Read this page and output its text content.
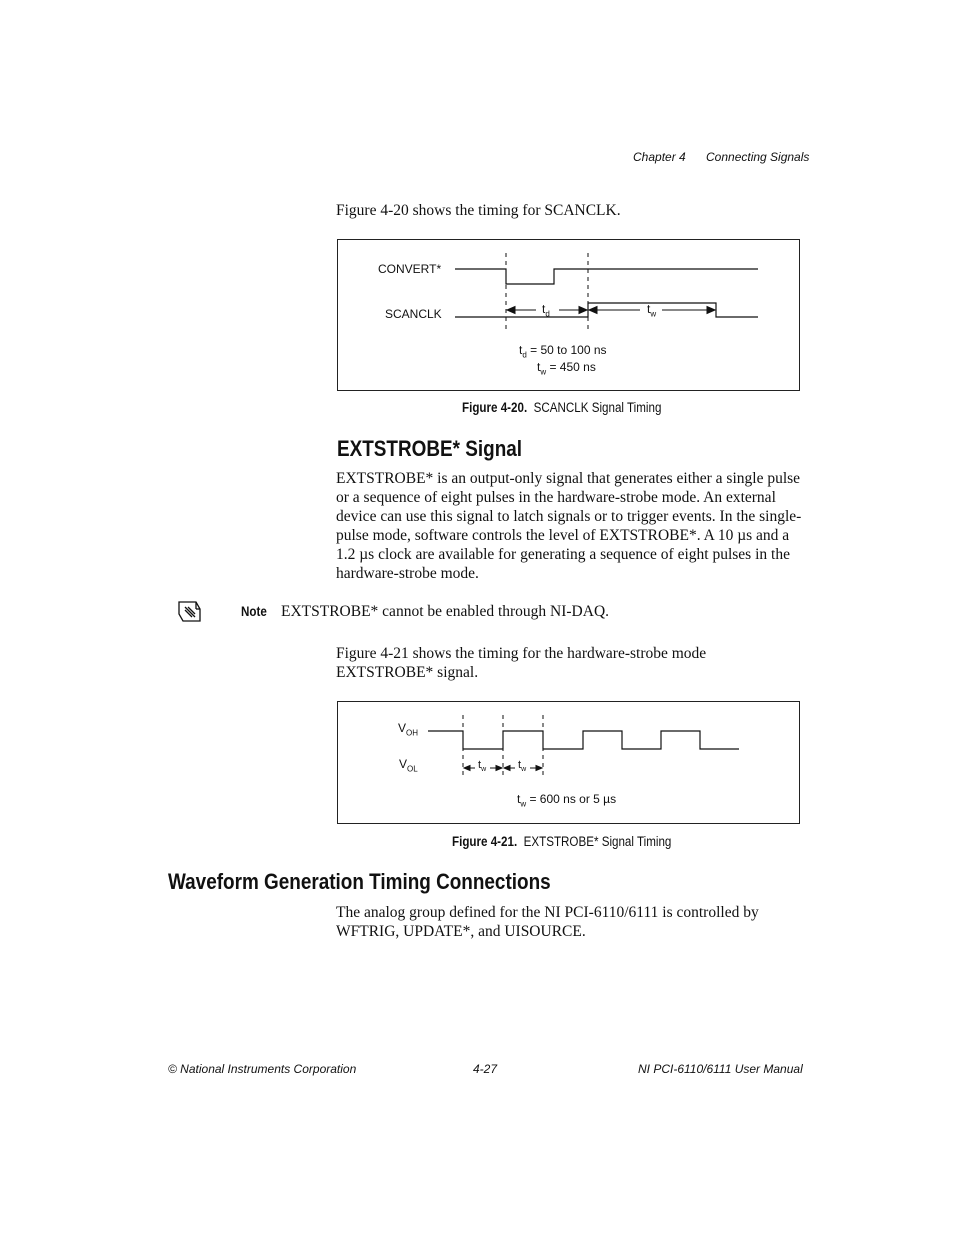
Chapter 4 Connecting Signals
Figure 4-20 shows the timing for SCANCLK.
CONVERT*
SCANCLK	$t_d$	$t_w$
$t_d = 50$ to 100 ns
$t_w = 450$ ns
Figure 4-20. SCANCLK Signal Timing
EXTSTROBE* Signal
EXTSTROBE* is an output-only signal that generates either a single pulse or a sequence of eight pulses in the hardware-strobe mode. An external device can use this signal to latch signals or to trigger events. In the single-pulse mode, software controls the level of EXTSTROBE*. A 10 µs and a 1.2 µs clock are available for generating a sequence of eight pulses in the hardware-strobe mode.
Note EXTSTROBE* cannot be enabled through NI-DAQ.
Figure 4-21 shows the timing for the hardware-strobe mode EXTSTROBE* signal.
$V_{OH}$
$V_{OL}$	$t_w$	$t_w$
$t_w = 600$ ns or 5 µs
Figure 4-21. EXTSTROBE* Signal Timing
Waveform Generation Timing Connections
The analog group defined for the NI PCI-6110/6111 is controlled by WFTRIG, UPDATE*, and UISOURCE.
© National Instruments Corporation	4-27	NI PCI-6110/6111 User Manual
